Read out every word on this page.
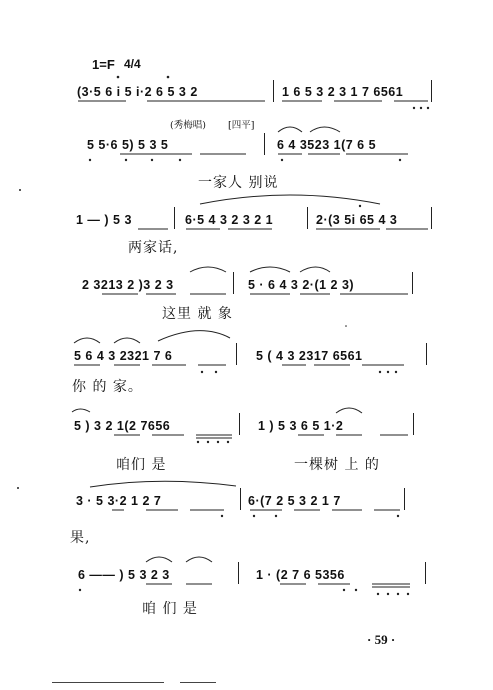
1=F 4/4
(3·5 6 i 5 i·2 6 5 3 2	1 6 5 3 2 3 1 7 6561
(秀梅唱) [四平]
5 5·6 5) 5 3 5	6 4 3523 1(7 6 5
一家人 别说
1 — ) 5 3	6·5 4 3 2 3 2 1	2·(3 5i 65 4 3
两家话,
2 3213 2 )3 2 3	5 · 6 4 3 2·(1 2 3)
这里 就 象
5 6 4 3 2321 7 6	5 ( 4 3 2317 6561
你 的 家。
5 ) 3 2 1(2 7656	1 ) 5 3 6 5 1·2
咱们 是	一棵树 上 的
3 · 5 3·2 1 2 7	6·(7 2 5 3 2 1 7
果,
6 —— ) 5 3 2 3	1 · (2 7 6 5356
咱 们 是
· 59 ·
